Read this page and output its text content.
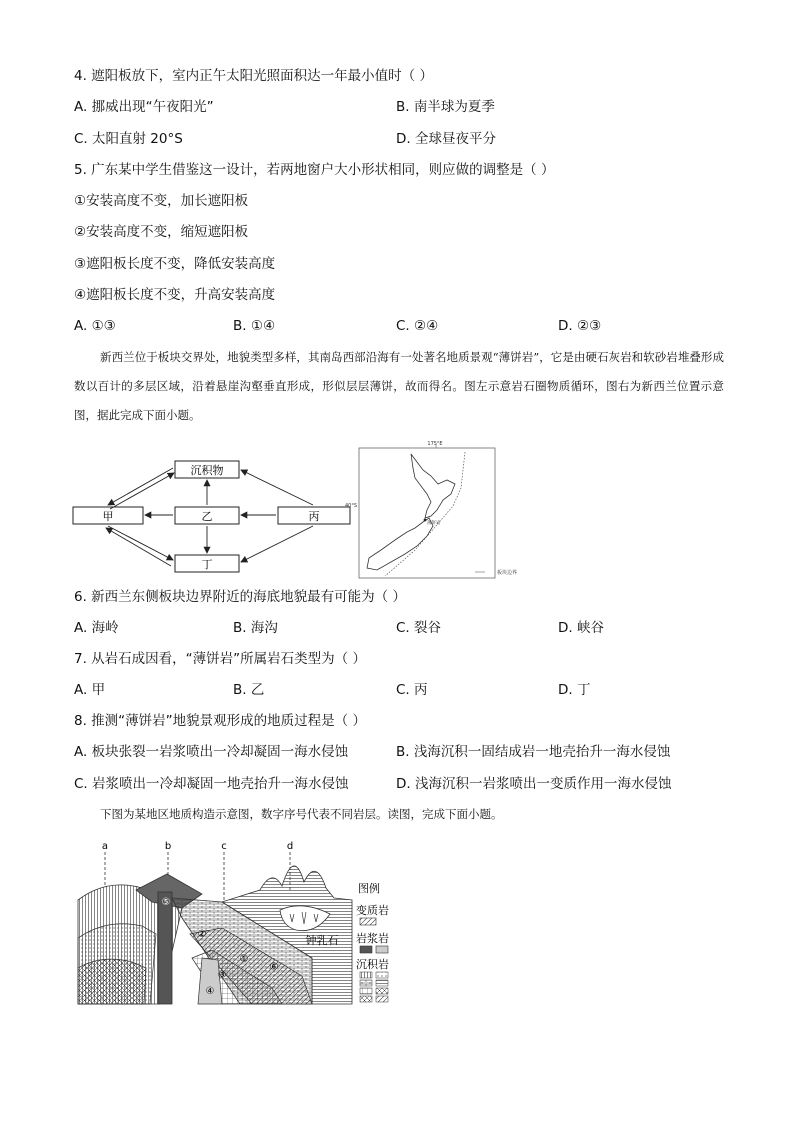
4. 遮阳板放下，室内正午太阳光照面积达一年最小值时（ ）
A. 挪威出现“午夜阳光”	B. 南半球为夏季
C. 太阳直射 20°S	D. 全球昼夜平分
5. 广东某中学生借鉴这一设计，若两地窗户大小形状相同，则应做的调整是（ ）
①安装高度不变，加长遮阳板
②安装高度不变，缩短遮阳板
③遮阳板长度不变，降低安装高度
④遮阳板长度不变，升高安装高度
A. ①③	B. ①④	C. ②④	D. ②③
新西兰位于板块交界处，地貌类型多样，其南岛西部沿海有一处著名地质景观“薄饼岩”，它是由硬石灰岩和软砂岩堆叠形成数以百计的多层区域，沿着悬崖沟壑垂直形成，形似层层薄饼，故而得名。图左示意岩石圈物质循环，图右为新西兰位置示意图，据此完成下面小题。
沉积物
甲	乙	丙
丁
175°E
40°S
薄饼岩
板块边界
6. 新西兰东侧板块边界附近的海底地貌最有可能为（ ）
A. 海岭	B. 海沟	C. 裂谷	D. 峡谷
7. 从岩石成因看，“薄饼岩”所属岩石类型为（ ）
A. 甲	B. 乙	C. 丙	D. 丁
8. 推测“薄饼岩”地貌景观形成的地质过程是（ ）
A. 板块张裂一岩浆喷出一冷却凝固一海水侵蚀	B. 浅海沉积一固结成岩一地壳抬升一海水侵蚀
C. 岩浆喷出一冷却凝固一地壳抬升一海水侵蚀	D. 浅海沉积一岩浆喷出一变质作用一海水侵蚀
下图为某地区地质构造示意图，数字序号代表不同岩层。读图，完成下面小题。
a	b	c	d
⑤
②
①
⑥
③
④
钟乳石
图例
变质岩
岩浆岩
沉积岩
